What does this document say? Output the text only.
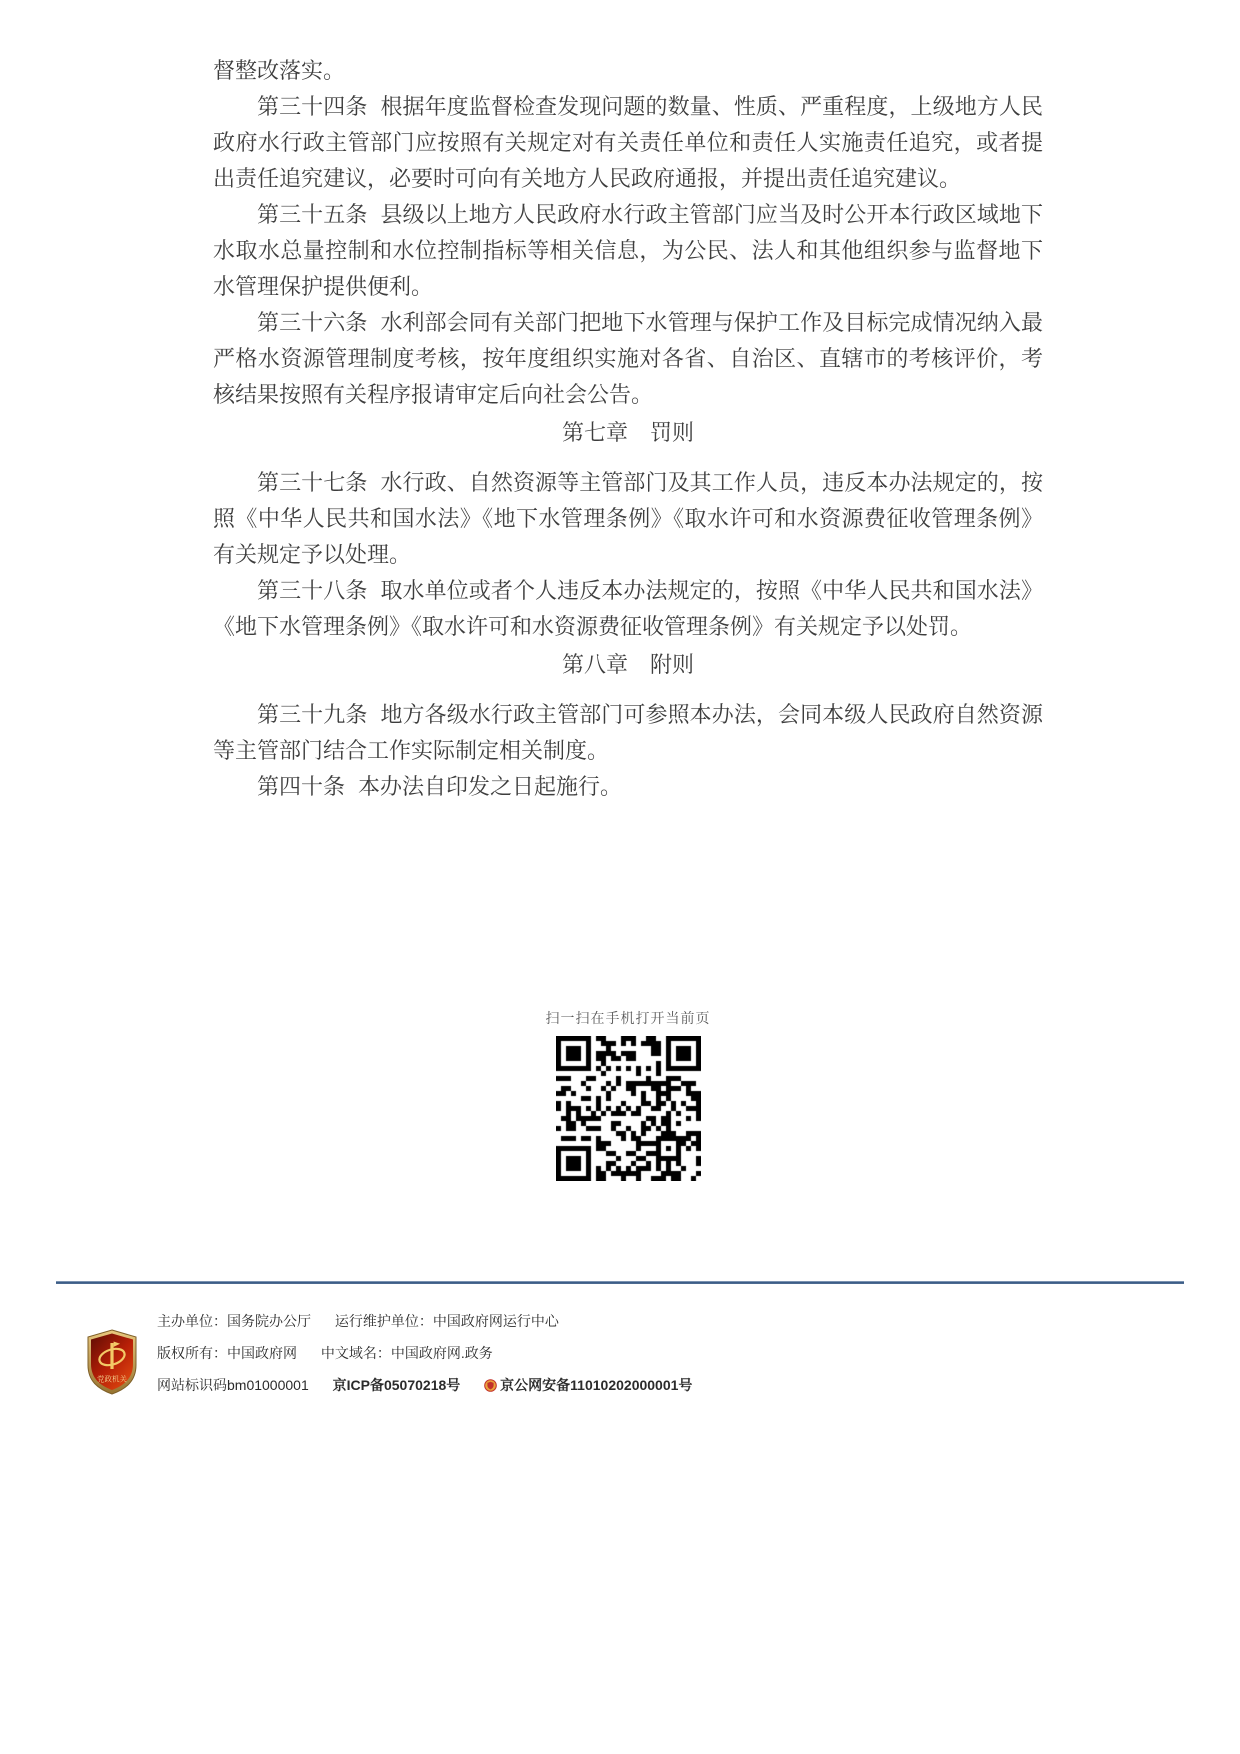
督整改落实。

第三十四条 根据年度监督检查发现问题的数量、性质、严重程度，上级地方人民政府水行政主管部门应按照有关规定对有关责任单位和责任人实施责任追究，或者提出责任追究建议，必要时可向有关地方人民政府通报，并提出责任追究建议。

第三十五条 县级以上地方人民政府水行政主管部门应当及时公开本行政区域地下水取水总量控制和水位控制指标等相关信息，为公民、法人和其他组织参与监督地下水管理保护提供便利。

第三十六条 水利部会同有关部门把地下水管理与保护工作及目标完成情况纳入最严格水资源管理制度考核，按年度组织实施对各省、自治区、直辖市的考核评价，考核结果按照有关程序报请审定后向社会公告。

第七章　罚则

第三十七条 水行政、自然资源等主管部门及其工作人员，违反本办法规定的，按照《中华人民共和国水法》《地下水管理条例》《取水许可和水资源费征收管理条例》有关规定予以处理。

第三十八条 取水单位或者个人违反本办法规定的，按照《中华人民共和国水法》《地下水管理条例》《取水许可和水资源费征收管理条例》有关规定予以处罚。

第八章　附则

第三十九条 地方各级水行政主管部门可参照本办法，会同本级人民政府自然资源等主管部门结合工作实际制定相关制度。

第四十条 本办法自印发之日起施行。

扫一扫在手机打开当前页
党政机关
主办单位：国务院办公厅 运行维护单位：中国政府网运行中心
版权所有：中国政府网 中文域名：中国政府网.政务
网站标识码bm01000001 京ICP备05070218号	京公网安备11010202000001号
